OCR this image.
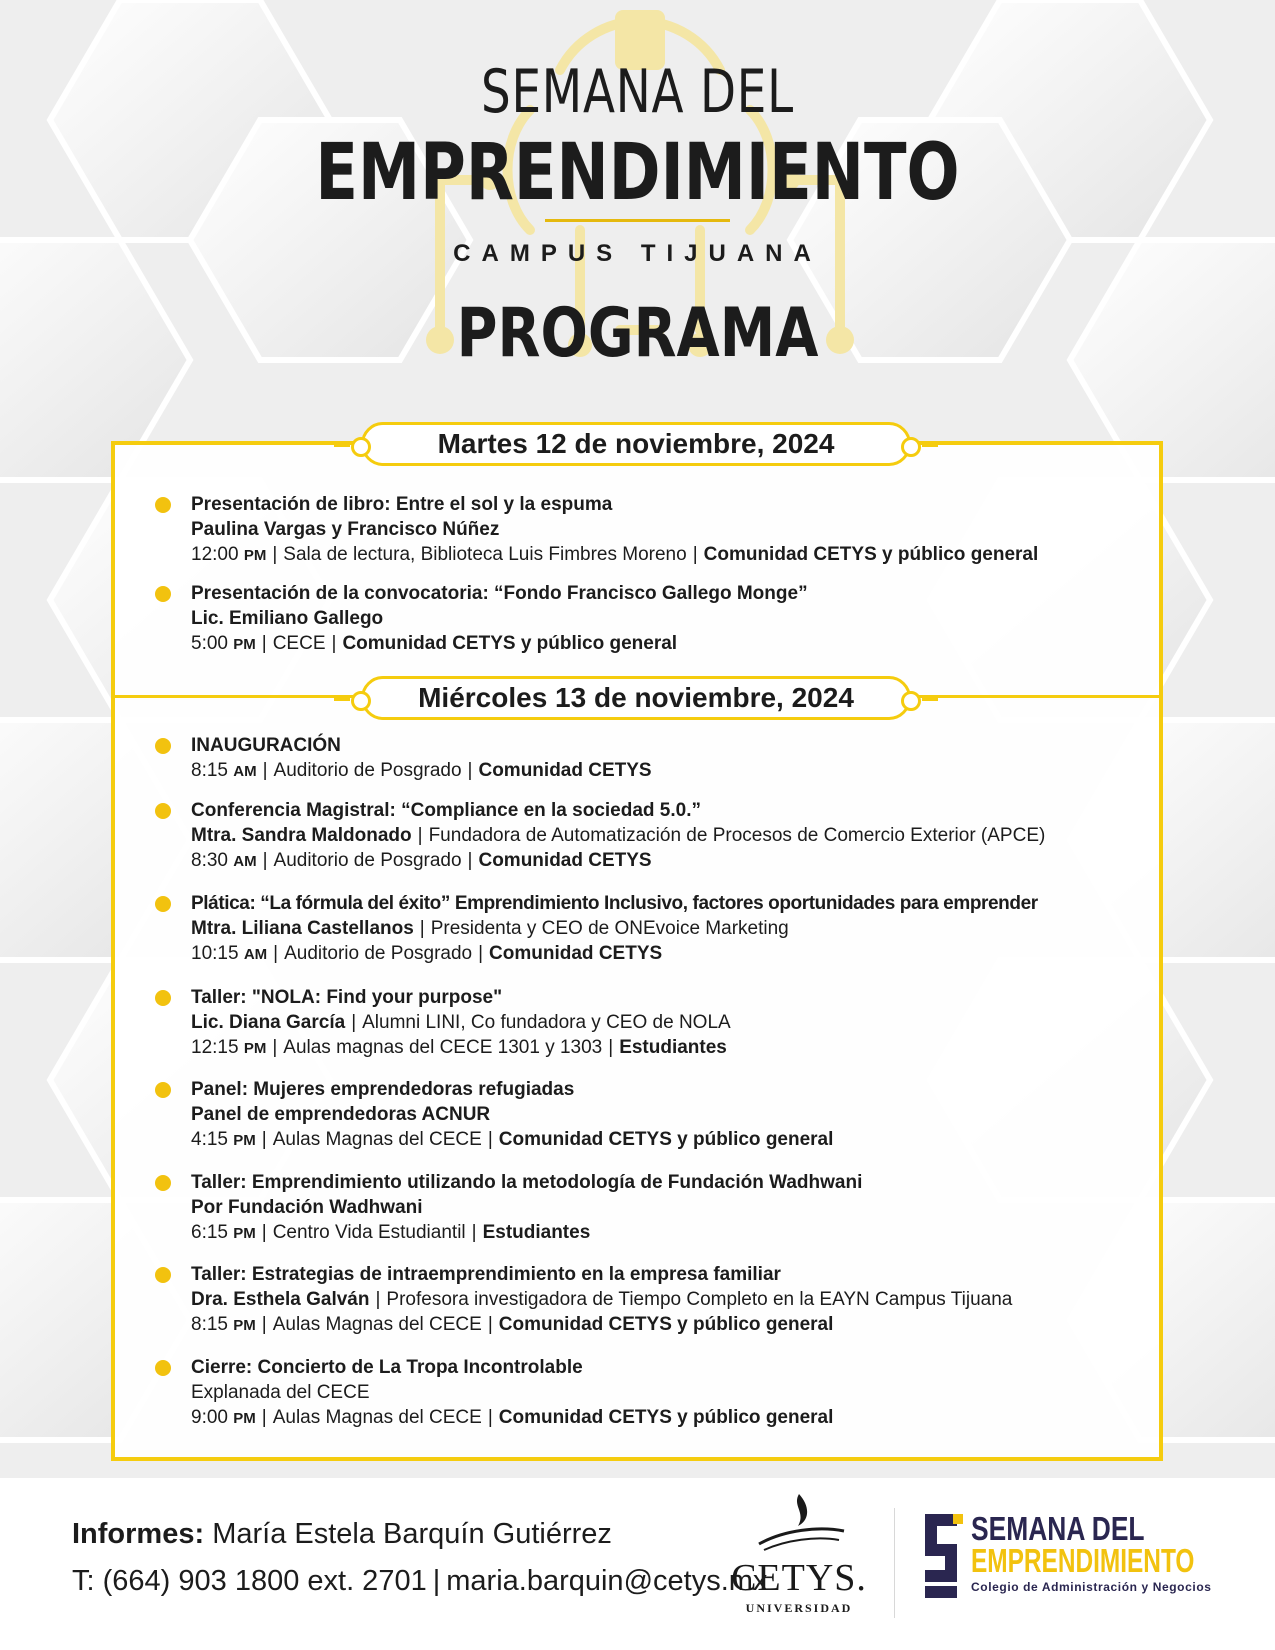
SEMANA DEL
EMPRENDIMIENTO
CAMPUS TIJUANA
PROGRAMA
Presentación de libro: Entre el sol y la espuma
Paulina Vargas y Francisco Núñez
12:00 PM | Sala de lectura, Biblioteca Luis Fimbres Moreno | Comunidad CETYS y público general
Presentación de la convocatoria: “Fondo Francisco Gallego Monge”
Lic. Emiliano Gallego
5:00 PM | CECE | Comunidad CETYS y público general
INAUGURACIÓN
8:15 AM | Auditorio de Posgrado | Comunidad CETYS
Conferencia Magistral: “Compliance en la sociedad 5.0.”
Mtra. Sandra Maldonado | Fundadora de Automatización de Procesos de Comercio Exterior (APCE)
8:30 AM | Auditorio de Posgrado | Comunidad CETYS
Plática: “La fórmula del éxito” Emprendimiento Inclusivo, factores oportunidades para emprender
Mtra. Liliana Castellanos | Presidenta y CEO de ONEvoice Marketing
10:15 AM | Auditorio de Posgrado | Comunidad CETYS
Taller: "NOLA: Find your purpose"
Lic. Diana García | Alumni LINI, Co fundadora y CEO de NOLA
12:15 PM | Aulas magnas del CECE 1301 y 1303 | Estudiantes
Panel: Mujeres emprendedoras refugiadas
Panel de emprendedoras ACNUR
4:15 PM | Aulas Magnas del CECE | Comunidad CETYS y público general
Taller: Emprendimiento utilizando la metodología de Fundación Wadhwani
Por Fundación Wadhwani
6:15 PM | Centro Vida Estudiantil | Estudiantes
Taller: Estrategias de intraemprendimiento en la empresa familiar
Dra. Esthela Galván | Profesora investigadora de Tiempo Completo en la EAYN Campus Tijuana
8:15 PM | Aulas Magnas del CECE | Comunidad CETYS y público general
Cierre: Concierto de La Tropa Incontrolable
Explanada del CECE
9:00 PM | Aulas Magnas del CECE | Comunidad CETYS y público general
Martes 12 de noviembre, 2024
Miércoles 13 de noviembre, 2024
Informes: María Estela Barquín Gutiérrez
T: (664) 903 1800 ext. 2701 | maria.barquin@cetys.mx
CETYS.
UNIVERSIDAD
SEMANA DEL
EMPRENDIMIENTO
Colegio de Administración y Negocios
